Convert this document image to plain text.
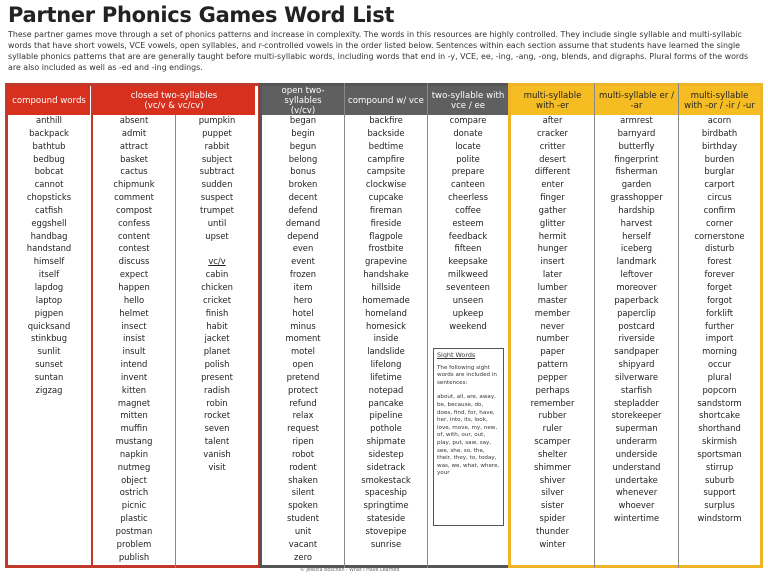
Partner Phonics Games Word List
These partner games move through a set of phonics patterns and increase in complexity. The words in this resources are highly controlled. They include single syllable and multi-syllabic words that have short vowels, VCE vowels, open syllables, and r-controlled vowels in the order listed below. Sentences within each section assume that students have learned the single syllable phonics patterns that are are generally taught before multi-syllabic words, including words that end in -y, VCE, ee, -ing, -ang, -ong, blends, and digraphs. Plural forms of the words are also included as well as -ed and -ing endings.
compound words	closed two-syllables
(vc/v & vc/cv)
anthill
backpack
bathtub
bedbug
bobcat
cannot
chopsticks
catfish
eggshell
handbag
handstand
himself
itself
lapdog
laptop
pigpen
quicksand
stinkbug
sunlit
sunset
suntan
zigzag
absent
admit
attract
basket
cactus
chipmunk
comment
compost
confess
content
contest
discuss
expect
happen
hello
helmet
insect
insist
insult
intend
invent
kitten
magnet
mitten
muffin
mustang
napkin
nutmeg
object
ostrich
picnic
plastic
postman
problem
publish
pumpkin
puppet
rabbit
subject
subtract
sudden
suspect
trumpet
until
upset

vc/v
cabin
chicken
cricket
finish
habit
jacket
planet
polish
present
radish
robin
rocket
seven
talent
vanish
visit
open two-syllables
(v/cv)
compound w/ vce two-syllable with
vce / ee
began
begin
begun
belong
bonus
broken
decent
defend
demand
depend
even
event
frozen
item
hero
hotel
minus
moment
motel
open
pretend
protect
refund
relax
request
ripen
robot
rodent
shaken
silent
spoken
student
unit
vacant
zero
backfire
backside
bedtime
campfire
campsite
clockwise
cupcake
fireman
fireside
flagpole
frostbite
grapevine
handshake
hillside
homemade
homeland
homesick
inside
landslide
lifelong
lifetime
notepad
pancake
pipeline
pothole
shipmate
sidestep
sidetrack
smokestack
spaceship
springtime
stateside
stovepipe
sunrise
compare
donate
locate
polite
prepare
canteen
cheerless
coffee
esteem
feedback
fifteen
keepsake
milkweed
seventeen
unseen
upkeep
weekend
Sight Words
The following sight words are included in sentences:
about, all, are, away, be, because, do, does, find, for, have, her, into, its, look, love, move, my, new, of, with, our, out, play, put, saw, say, see, she, so, the, their, they, to, today, was, we, what, where, your
multi-syllable
with -er
multi-syllable er /
-ar
multi-syllable
with -or / -ir / -ur
after
cracker
critter
desert
different
enter
finger
gather
glitter
hermit
hunger
insert
later
lumber
master
member
never
number
paper
pattern
pepper
perhaps
remember
rubber
ruler
scamper
shelter
shimmer
shiver
silver
sister
spider
thunder
winter
armrest
barnyard
butterfly
fingerprint
fisherman
garden
grasshopper
hardship
harvest
herself
iceberg
landmark
leftover
moreover
paperback
paperclip
postcard
riverside
sandpaper
shipyard
silverware
starfish
stepladder
storekeeper
superman
underarm
underside
understand
undertake
whenever
whoever
wintertime
acorn
birdbath
birthday
burden
burglar
carport
circus
confirm
corner
cornerstone
disturb
forest
forever
forget
forgot
forklift
further
import
morning
occur
plural
popcorn
sandstorm
shortcake
shorthand
skirmish
sportsman
stirrup
suburb
support
surplus
windstorm
© Jessica Boschen · What I Have Learned
